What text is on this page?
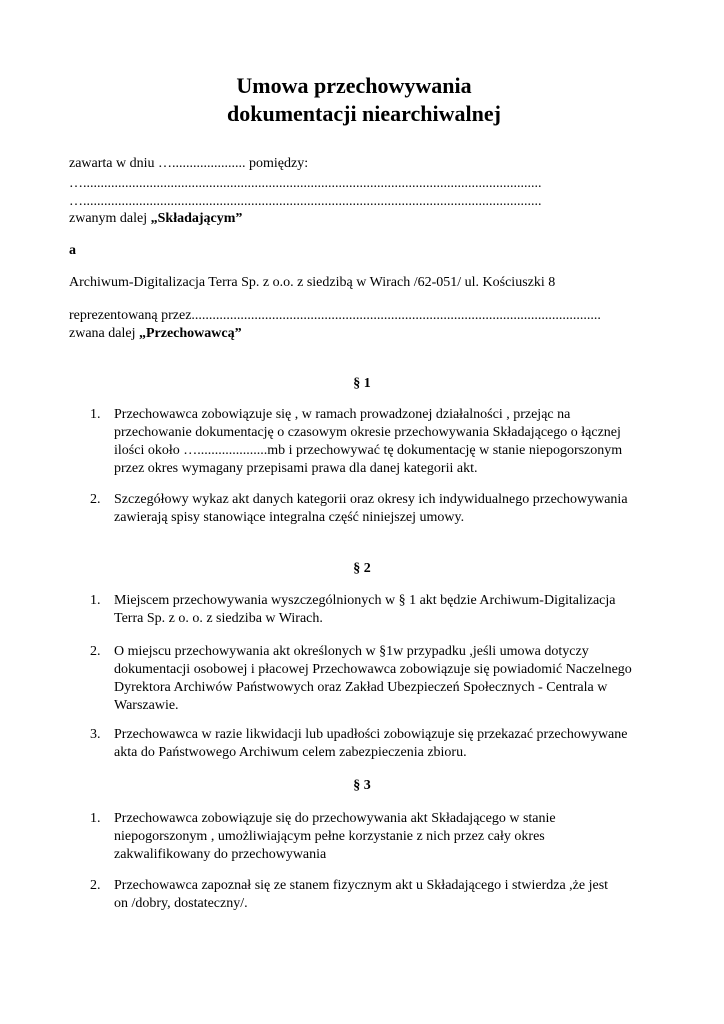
Umowa przechowywania
dokumentacji niearchiwalnej
zawarta w dniu …..................... pomiędzy:
…...................................................................................................................................
…...................................................................................................................................
zwanym dalej „Składającym”
a
Archiwum-Digitalizacja Terra Sp. z o.o. z siedzibą w Wirach /62-051/ ul. Kościuszki 8
reprezentowaną przez.....................................................................................................................
zwana dalej „Przechowawcą”
§ 1
1. Przechowawca zobowiązuje się , w ramach prowadzonej działalności , przejąc na
przechowanie dokumentację o czasowym okresie przechowywania Składającego o łącznej
ilości około …....................mb i przechowywać tę dokumentację w stanie niepogorszonym
przez okres wymagany przepisami prawa dla danej kategorii akt.
2. Szczegółowy wykaz akt danych kategorii oraz okresy ich indywidualnego przechowywania
zawierają spisy stanowiące integralna część niniejszej umowy.
§ 2
1. Miejscem przechowywania wyszczególnionych w § 1 akt będzie Archiwum-Digitalizacja
Terra Sp. z o. o. z siedziba w Wirach.
2. O miejscu przechowywania akt określonych w §1w przypadku ,jeśli umowa dotyczy
dokumentacji osobowej i płacowej Przechowawca zobowiązuje się powiadomić Naczelnego
Dyrektora Archiwów Państwowych oraz Zakład Ubezpieczeń Społecznych - Centrala w
Warszawie.
3. Przechowawca w razie likwidacji lub upadłości zobowiązuje się przekazać przechowywane
akta do Państwowego Archiwum celem zabezpieczenia zbioru.
§ 3
1. Przechowawca zobowiązuje się do przechowywania akt Składającego w stanie
niepogorszonym , umożliwiającym pełne korzystanie z nich przez cały okres
zakwalifikowany do przechowywania
2. Przechowawca zapoznał się ze stanem fizycznym akt u Składającego i stwierdza ,że jest
on /dobry, dostateczny/.
